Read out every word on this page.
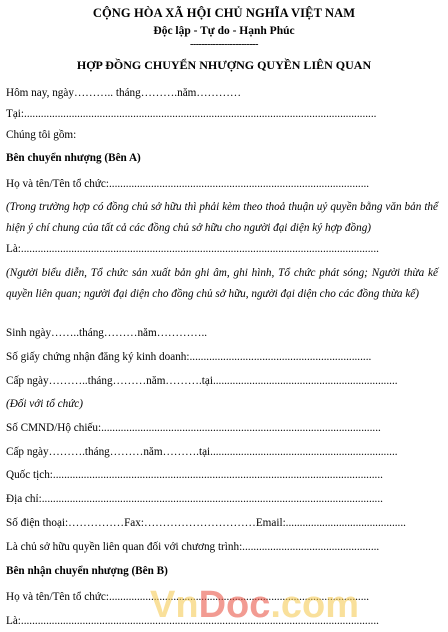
CỘNG HÒA XÃ HỘI CHỦ NGHĨA VIỆT NAM
Độc lập - Tự do - Hạnh Phúc
------------------------
HỢP ĐỒNG CHUYỂN NHƯỢNG QUYỀN LIÊN QUAN
Hôm nay, ngày……….. tháng……….năm…………
Tại:..............................................................................................................................
Chúng tôi gồm:
Bên chuyển nhượng (Bên A)
Họ và tên/Tên tổ chức:.............................................................................................
(Trong trường hợp có đồng chủ sở hữu thì phải kèm theo thoả thuận uỷ quyền bằng văn bản thể hiện ý chí chung của tất cả các đồng chủ sở hữu cho người đại diện ký hợp đồng)
Là:................................................................................................................................
(Người biểu diễn, Tổ chức sản xuất bản ghi âm, ghi hình, Tổ chức phát sóng; Người thừa kế quyền liên quan; người đại diện cho đồng chủ sở hữu, người đại diện cho các đồng thừa kế)
Sinh ngày……..tháng………năm…………..
Số giấy chứng nhận đăng ký kinh doanh:.................................................................
Cấp ngày………..tháng………năm……….tại..................................................................
(Đối với tổ chức)
Số CMND/Hộ chiếu:....................................................................................................
Cấp ngày……….tháng………năm……….tại...................................................................
Quốc tịch:......................................................................................................................
Địa chỉ:..........................................................................................................................
Số điện thoại:……………Fax:…………………………Email:...........................................
Là chủ sở hữu quyền liên quan đối với chương trình:.................................................
Bên nhận chuyển nhượng (Bên B)
Họ và tên/Tên tổ chức:.............................................................................................
Là:................................................................................................................................
VnDoc.com
